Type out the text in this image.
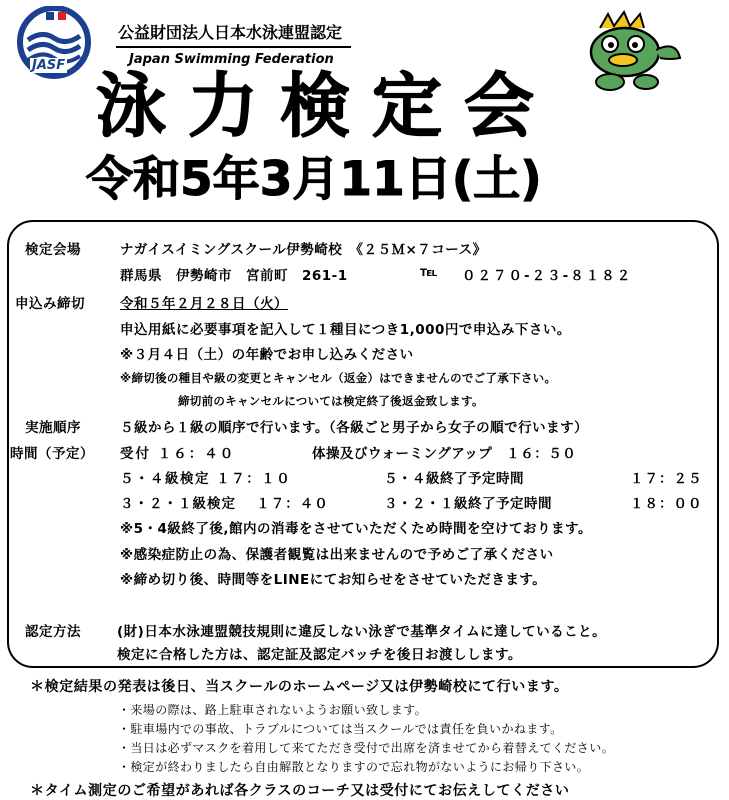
JASF
公益財団法人日本水泳連盟認定
Japan Swimming Federation
泳力検定会
令和5年3月11日(土)
検定会場	ナガイスイミングスクール伊勢崎校　《２５Ｍ×７コース》
群馬県　伊勢崎市　宮前町　261-1	℡ ０２７０-２３-８１８２
申込み締切	令和５年２月２８日（火）
申込用紙に必要事項を記入して１種目につき1,000円で申込み下さい。
※３月４日（土）の年齢でお申し込みください
※締切後の種目や級の変更とキャンセル（返金）はできませんのでご了承下さい。
締切前のキャンセルについては検定終了後返金致します。
実施順序	５級から１級の順序で行います。（各級ごと男子から女子の順で行います）
時間（予定） 受付 １６：４０	体操及びウォーミングアップ　１６：５０
５・４級検定 １７：１０	５・４級終了予定時間	１７：２５
３・２・１級検定　 １７：４０	３・２・１級終了予定時間	１８：００
※5・4級終了後,館内の消毒をさせていただくため時間を空けております。
※感染症防止の為、保護者観覧は出来ませんので予めご了承ください
※締め切り後、時間等をLINEにてお知らせをさせていただきます。
認定方法	(財)日本水泳連盟競技規則に違反しない泳ぎで基準タイムに達していること。
検定に合格した方は、認定証及認定バッチを後日お渡しします。
＊検定結果の発表は後日、当スクールのホームページ又は伊勢崎校にて行います。
・来場の際は、路上駐車されないようお願い致します。
・駐車場内での事故、トラブルについては当スクールでは責任を負いかねます。
・当日は必ずマスクを着用して来てただき受付で出席を済ませてから着替えてください。
・検定が終わりましたら自由解散となりますので忘れ物がないようにお帰り下さい。
＊タイム測定のご希望があれば各クラスのコーチ又は受付にてお伝えしてください
